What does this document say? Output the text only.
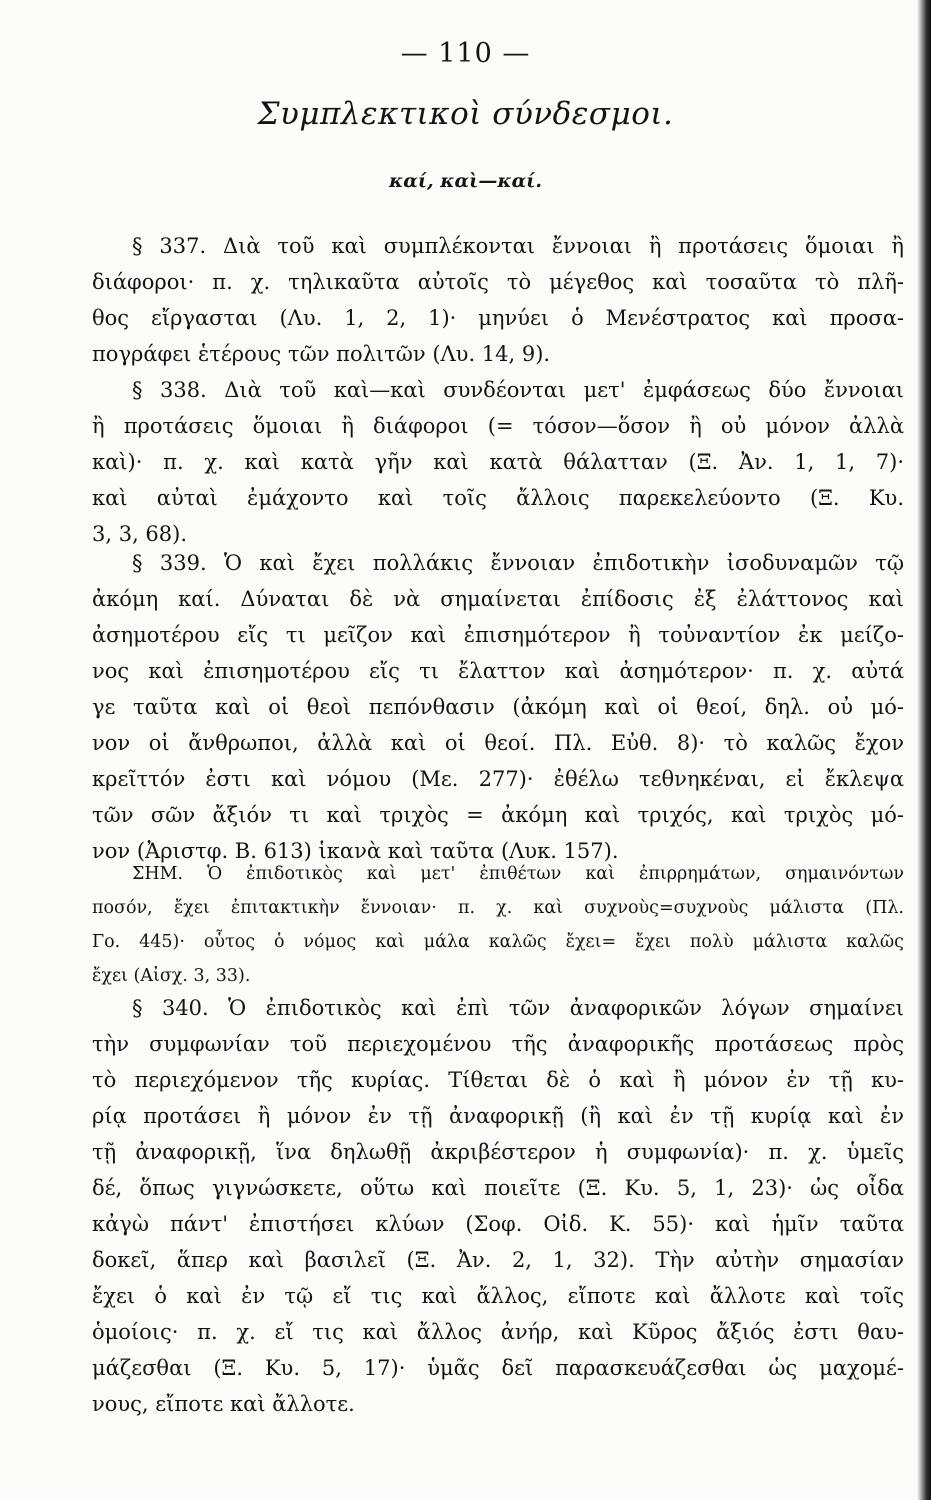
— 110 —
Συμπλεκτικοὶ σύνδεσμοι.
καί, καὶ—καί.
§ 337. Διὰ τοῦ καὶ συμπλέκονται ἔννοιαι ἢ προτάσεις ὅμοιαι ἢ
διάφοροι· π. χ. τηλικαῦτα αὐτοῖς τὸ μέγεθος καὶ τοσαῦτα τὸ πλῆ-
θος εἴργασται (Λυ. 1, 2, 1)· μηνύει ὁ Μενέστρατος καὶ προσα-
πογράφει ἑτέρους τῶν πολιτῶν (Λυ. 14, 9).
§ 338. Διὰ τοῦ καὶ—καὶ συνδέονται μετ' ἐμφάσεως δύο ἔννοιαι
ἢ προτάσεις ὅμοιαι ἢ διάφοροι (= τόσον—ὅσον ἢ οὐ μόνον ἀλλὰ
καὶ)· π. χ. καὶ κατὰ γῆν καὶ κατὰ θάλατταν (Ξ. Ἀν. 1, 1, 7)·
καὶ αὐταὶ ἐμάχοντο καὶ τοῖς ἄλλοις παρεκελεύοντο (Ξ. Κυ.
3, 3, 68).
§ 339. Ὁ καὶ ἔχει πολλάκις ἔννοιαν ἐπιδοτικὴν ἰσοδυναμῶν τῷ
ἀκόμη καί. Δύναται δὲ νὰ σημαίνεται ἐπίδοσις ἐξ ἐλάττονος καὶ
ἀσημοτέρου εἴς τι μεῖζον καὶ ἐπισημότερον ἢ τοὐναντίον ἐκ μείζο-
νος καὶ ἐπισημοτέρου εἴς τι ἔλαττον καὶ ἀσημότερον· π. χ. αὐτά
γε ταῦτα καὶ οἱ θεοὶ πεπόνθασιν (ἀκόμη καὶ οἱ θεοί, δηλ. οὐ μό-
νον οἱ ἄνθρωποι, ἀλλὰ καὶ οἱ θεοί. Πλ. Εὐθ. 8)· τὸ καλῶς ἔχον
κρεῖττόν ἐστι καὶ νόμου (Με. 277)· ἐθέλω τεθνηκέναι, εἰ ἔκλεψα
τῶν σῶν ἄξιόν τι καὶ τριχὸς = ἀκόμη καὶ τριχός, καὶ τριχὸς μό-
νον (Ἀριστφ. Β. 613) ἱκανὰ καὶ ταῦτα (Λυκ. 157).
ΣΗΜ. Ὁ ἐπιδοτικὸς καὶ μετ' ἐπιθέτων καὶ ἐπιρρημάτων, σημαινόντων
ποσόν, ἔχει ἐπιτακτικὴν ἔννοιαν· π. χ. καὶ συχνοὺς=συχνοὺς μάλιστα (Πλ.
Γο. 445)· οὗτος ὁ νόμος καὶ μάλα καλῶς ἔχει= ἔχει πολὺ μάλιστα καλῶς
ἔχει (Αἰσχ. 3, 33).
§ 340. Ὁ ἐπιδοτικὸς καὶ ἐπὶ τῶν ἀναφορικῶν λόγων σημαίνει
τὴν συμφωνίαν τοῦ περιεχομένου τῆς ἀναφορικῆς προτάσεως πρὸς
τὸ περιεχόμενον τῆς κυρίας. Τίθεται δὲ ὁ καὶ ἢ μόνον ἐν τῇ κυ-
ρίᾳ προτάσει ἢ μόνον ἐν τῇ ἀναφορικῇ (ἢ καὶ ἐν τῇ κυρίᾳ καὶ ἐν
τῇ ἀναφορικῇ, ἵνα δηλωθῇ ἀκριβέστερον ἡ συμφωνία)· π. χ. ὑμεῖς
δέ, ὅπως γιγνώσκετε, οὕτω καὶ ποιεῖτε (Ξ. Κυ. 5, 1, 23)· ὡς οἶδα
κἀγὼ πάντ' ἐπιστήσει κλύων (Σοφ. Οἰδ. Κ. 55)· καὶ ἡμῖν ταῦτα
δοκεῖ, ἅπερ καὶ βασιλεῖ (Ξ. Ἀν. 2, 1, 32). Τὴν αὐτὴν σημασίαν
ἔχει ὁ καὶ ἐν τῷ εἴ τις καὶ ἄλλος, εἴποτε καὶ ἄλλοτε καὶ τοῖς
ὁμοίοις· π. χ. εἴ τις καὶ ἄλλος ἀνήρ, καὶ Κῦρος ἄξιός ἐστι θαυ-
μάζεσθαι (Ξ. Κυ. 5, 17)· ὑμᾶς δεῖ παρασκευάζεσθαι ὡς μαχομέ-
νους, εἴποτε καὶ ἄλλοτε.
